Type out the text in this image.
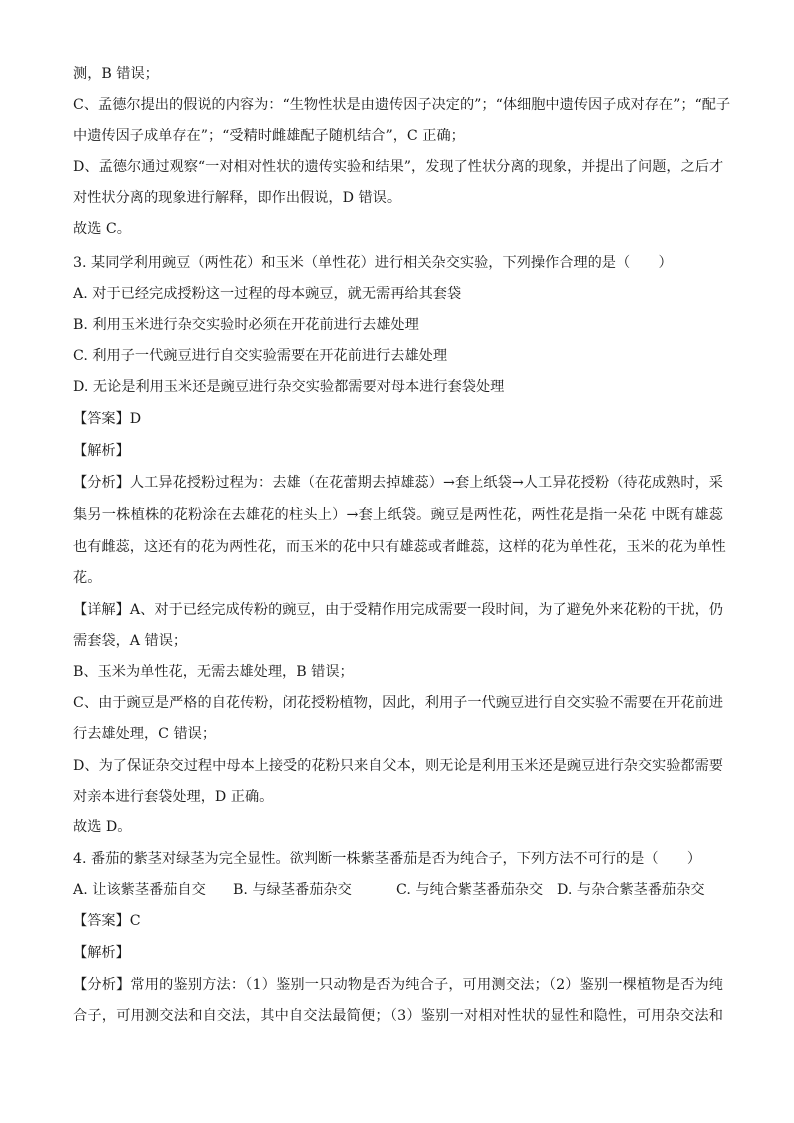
测，B 错误；
C、孟德尔提出的假说的内容为：“生物性状是由遗传因子决定的”；“体细胞中遗传因子成对存在”；“配子
中遗传因子成单存在”；“受精时雌雄配子随机结合”，C 正确；
D、孟德尔通过观察“一对相对性状的遗传实验和结果”，发现了性状分离的现象，并提出了问题，之后才
对性状分离的现象进行解释，即作出假说，D 错误。
故选 C。
3. 某同学利用豌豆（两性花）和玉米（单性花）进行相关杂交实验，下列操作合理的是（　　）
A. 对于已经完成授粉这一过程的母本豌豆，就无需再给其套袋
B. 利用玉米进行杂交实验时必须在开花前进行去雄处理
C. 利用子一代豌豆进行自交实验需要在开花前进行去雄处理
D. 无论是利用玉米还是豌豆进行杂交实验都需要对母本进行套袋处理
【答案】D
【解析】
【分析】人工异花授粉过程为：去雄（在花蕾期去掉雄蕊）→套上纸袋→人工异花授粉（待花成熟时，采
集另一株植株的花粉涂在去雄花的柱头上）→套上纸袋。豌豆是两性花，两性花是指一朵花 中既有雄蕊
也有雌蕊，这还有的花为两性花，而玉米的花中只有雄蕊或者雌蕊，这样的花为单性花，玉米的花为单性
花。
【详解】A、对于已经完成传粉的豌豆，由于受精作用完成需要一段时间，为了避免外来花粉的干扰，仍
需套袋，A 错误；
B、玉米为单性花，无需去雄处理，B 错误；
C、由于豌豆是严格的自花传粉，闭花授粉植物，因此，利用子一代豌豆进行自交实验不需要在开花前进
行去雄处理，C 错误；
D、为了保证杂交过程中母本上接受的花粉只来自父本，则无论是利用玉米还是豌豆进行杂交实验都需要
对亲本进行套袋处理，D 正确。
故选 D。
4. 番茄的紫茎对绿茎为完全显性。欲判断一株紫茎番茄是否为纯合子，下列方法不可行的是（　　）
A. 让该紫茎番茄自交 B. 与绿茎番茄杂交	C. 与纯合紫茎番茄杂交 D. 与杂合紫茎番茄杂交
【答案】C
【解析】
【分析】常用的鉴别方法：（1）鉴别一只动物是否为纯合子，可用测交法；（2）鉴别一棵植物是否为纯
合子，可用测交法和自交法，其中自交法最简便；（3）鉴别一对相对性状的显性和隐性，可用杂交法和
